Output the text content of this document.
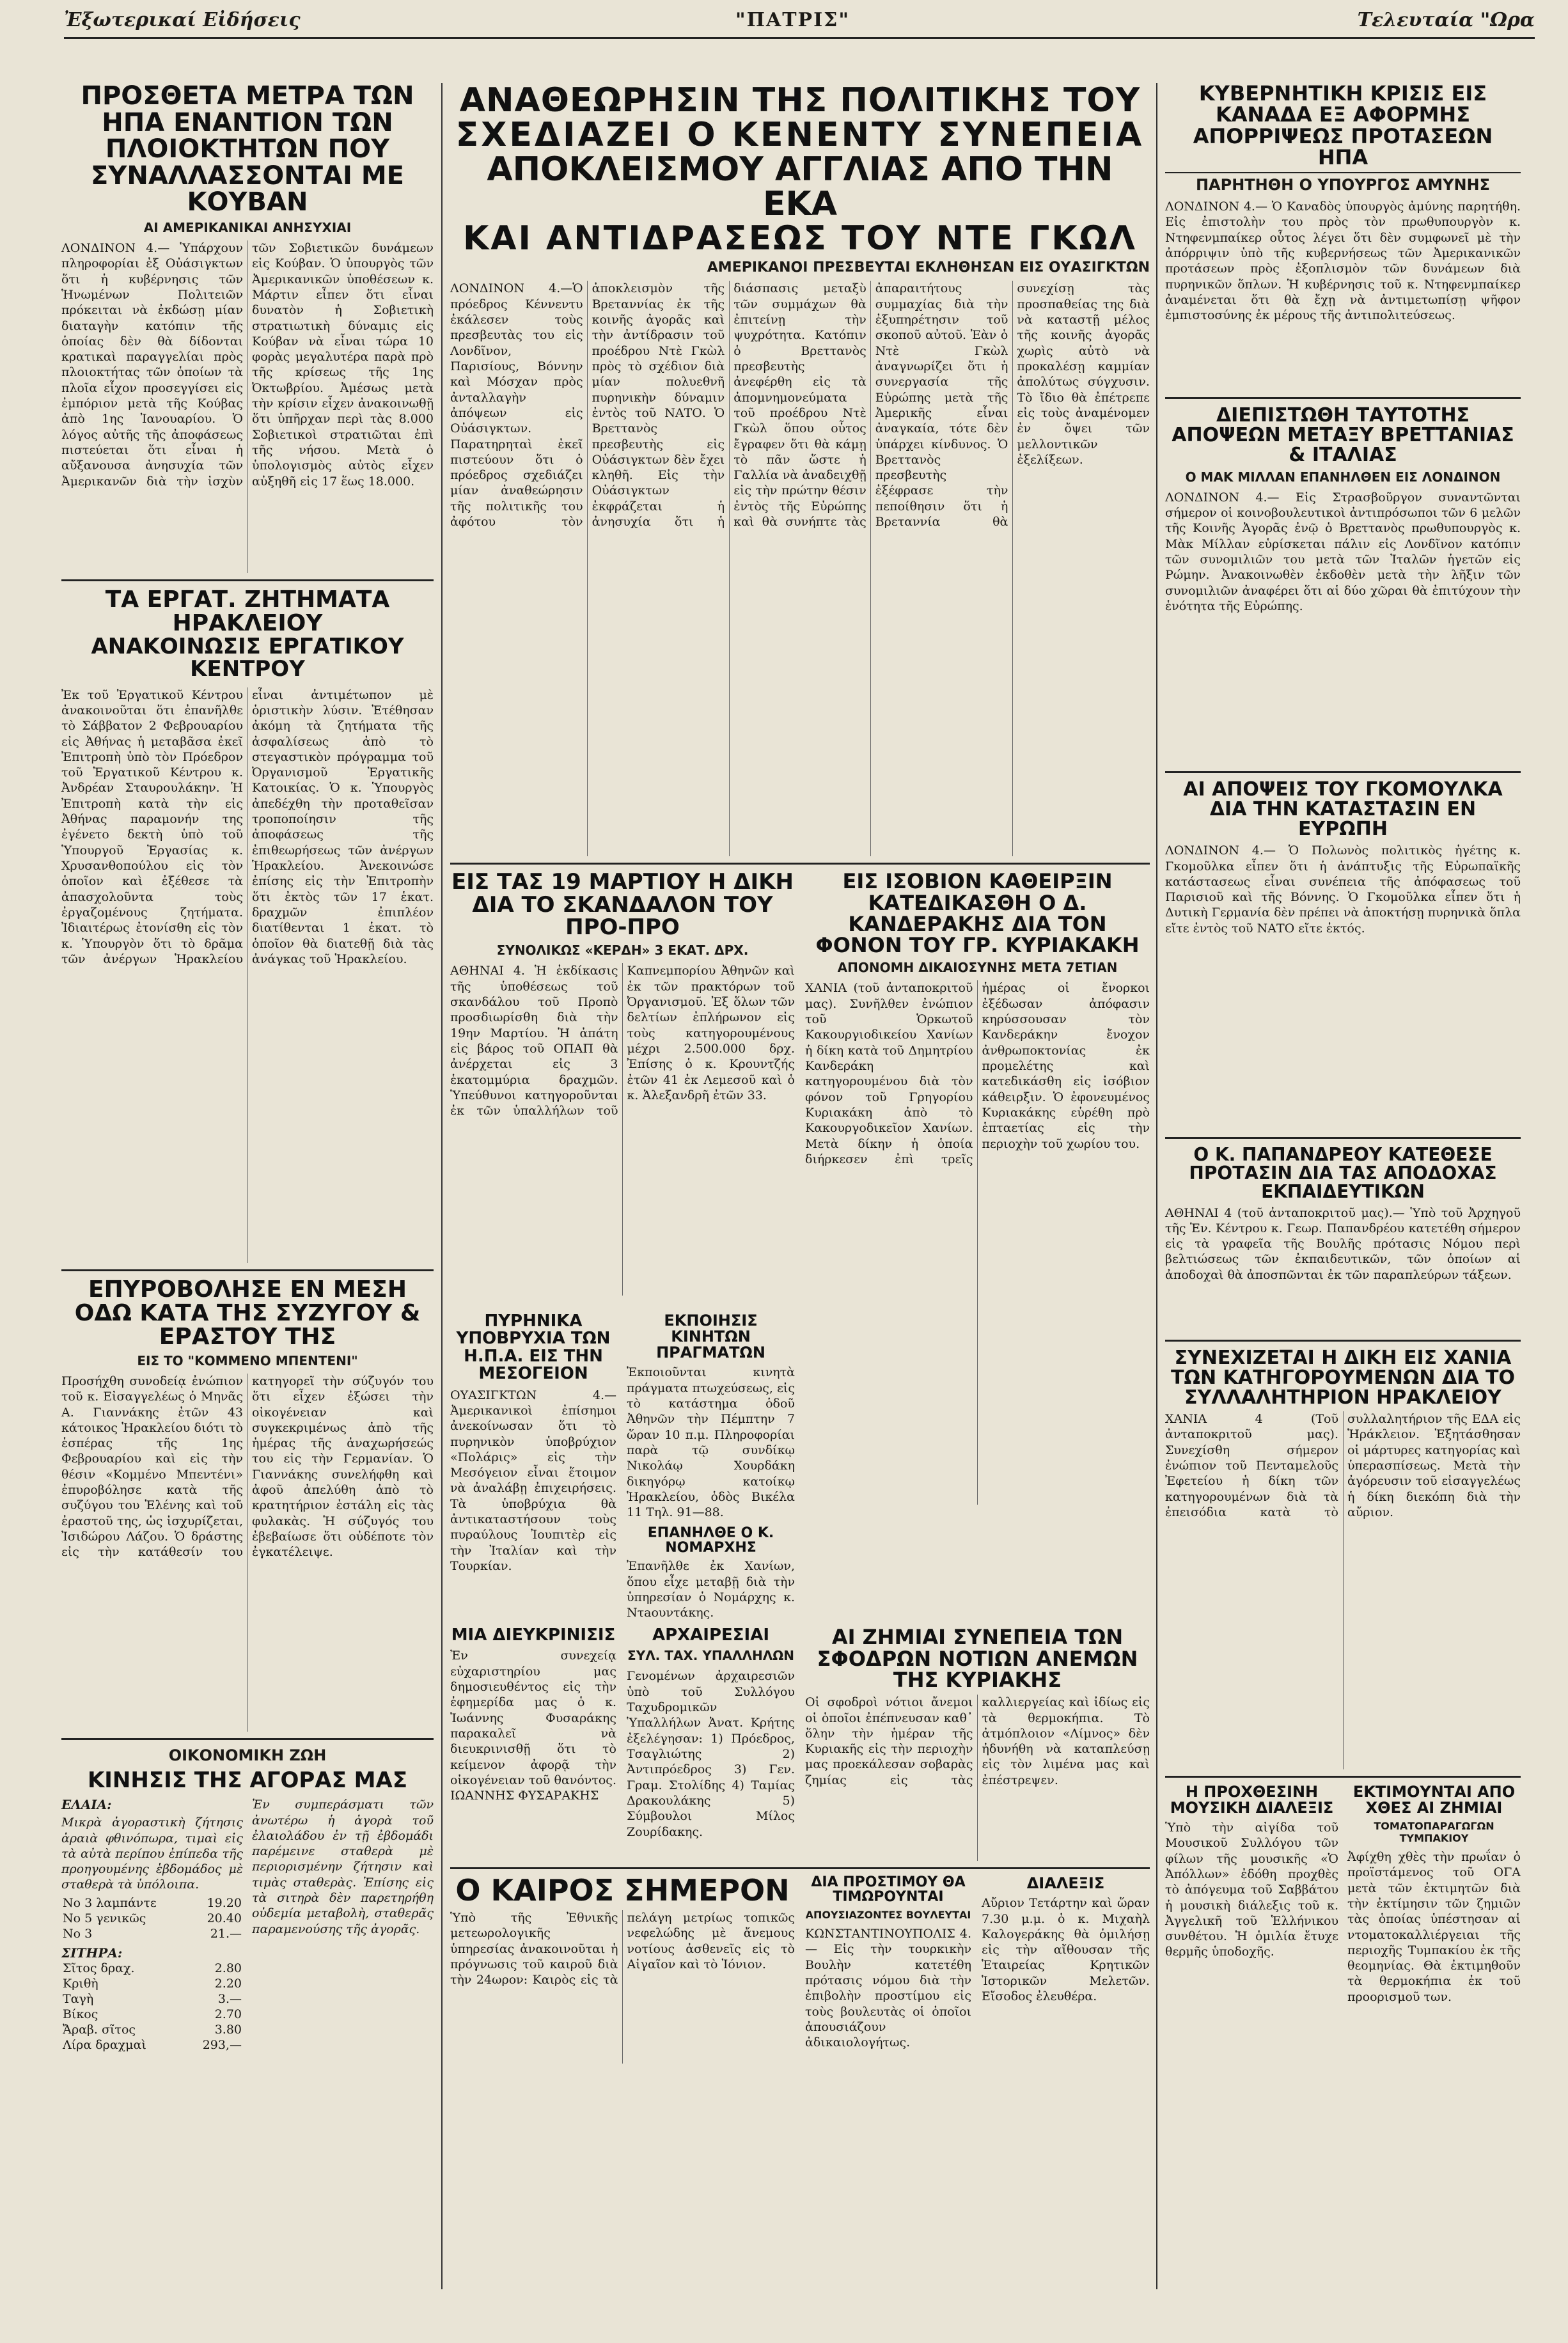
Ἐξωτερικαί Εἰδήσεις	"ΠΑΤΡΙΣ"	Τελευταία "Ωρα
ΠΡΟΣΘΕΤΑ ΜΕΤΡΑ ΤΩΝ ΗΠΑ ΕΝΑΝΤΙΟΝ ΤΩΝ ΠΛΟΙΟΚΤΗΤΩΝ ΠΟΥ ΣΥΝΑΛΛΑΣΣΟΝΤΑΙ ΜΕ ΚΟΥΒΑΝ
ΑΙ ΑΜΕΡΙΚΑΝΙΚΑΙ ΑΝΗΣΥΧΙΑΙ

ΛΟΝΔΙΝΟΝ 4.— Ὑπάρχουν πληροφορίαι ἐξ Οὐάσιγκτων ὅτι ἡ κυβέρνησις τῶν Ἡνωμένων Πολιτειῶν πρόκειται νὰ ἐκδώσῃ μίαν διαταγὴν κατόπιν τῆς ὁποίας δὲν θὰ δίδονται κρατικαὶ παραγγελίαι πρὸς πλοιοκτήτας τῶν ὁποίων τὰ πλοῖα εἶχον προσεγγίσει εἰς ἐμπόριον μετὰ τῆς Κούβας ἀπὸ 1ης Ἰανουαρίου. Ὁ λόγος αὐτῆς τῆς ἀποφάσεως πιστεύεται ὅτι εἶναι ἡ αὔξανουσα ἀνησυχία τῶν Ἀμερικανῶν διὰ τὴν ἰσχὺν τῶν Σοβιετικῶν δυνάμεων εἰς Κούβαν. Ὁ ὑπουργὸς τῶν Ἀμερικανικῶν ὑποθέσεων κ. Μάρτιν εἶπεν ὅτι εἶναι δυνατὸν ἡ Σοβιετικὴ στρατιωτικὴ δύναμις εἰς Κούβαν νὰ εἶναι τώρα 10 φορὰς μεγαλυτέρα παρὰ πρὸ τῆς κρίσεως τῆς 1ης Ὀκτωβρίου. Ἀμέσως μετὰ τὴν κρίσιν εἶχεν ἀνακοινωθῇ ὅτι ὑπῆρχαν περὶ τὰς 8.000 Σοβιετικοὶ στρατιῶται ἐπὶ τῆς νήσου. Μετὰ ὁ ὑπολογισμὸς αὐτὸς εἶχεν αὐξηθῆ εἰς 17 ἕως 18.000.

ΤΑ ΕΡΓΑΤ. ΖΗΤΗΜΑΤΑ ΗΡΑΚΛΕΙΟΥ
ΑΝΑΚΟΙΝΩΣΙΣ ΕΡΓΑΤΙΚΟΥ ΚΕΝΤΡΟΥ

Ἐκ τοῦ Ἐργατικοῦ Κέντρου ἀνακοινοῦται ὅτι ἐπανῆλθε τὸ Σάββατον 2 Φεβρουαρίου εἰς Ἀθήνας ἡ μεταβᾶσα ἐκεῖ Ἐπιτροπὴ ὑπὸ τὸν Πρόεδρον τοῦ Ἐργατικοῦ Κέντρου κ. Ἀνδρέαν Σταυρουλάκην. Ἡ Ἐπιτροπὴ κατὰ τὴν εἰς Ἀθήνας παραμονήν της ἐγένετο δεκτὴ ὑπὸ τοῦ Ὑπουργοῦ Ἐργασίας κ. Χρυσανθοπούλου εἰς τὸν ὁποῖον καὶ ἐξέθεσε τὰ ἀπασχολοῦντα τοὺς ἐργαζομένους ζητήματα. Ἰδιαιτέρως ἐτονίσθη εἰς τὸν κ. Ὑπουργὸν ὅτι τὸ δρᾶμα τῶν ἀνέργων Ἡρακλείου εἶναι ἀντιμέτωπον μὲ ὁριστικὴν λύσιν. Ἐτέθησαν ἀκόμη τὰ ζητήματα τῆς ἀσφαλίσεως ἀπὸ τὸ στεγαστικὸν πρόγραμμα τοῦ Ὀργανισμοῦ Ἐργατικῆς Κατοικίας. Ὁ κ. Ὑπουργὸς ἀπεδέχθη τὴν προταθεῖσαν τροποποίησιν τῆς ἀποφάσεως τῆς ἐπιθεωρήσεως τῶν ἀνέργων Ἡρακλείου. Ἀνεκοινώσε ἐπίσης εἰς τὴν Ἐπιτροπὴν ὅτι ἐκτὸς τῶν 17 ἑκατ. δραχμῶν ἐπιπλέον διατίθενται 1 ἑκατ. τὸ ὁποῖον θὰ διατεθῇ διὰ τὰς ἀνάγκας τοῦ Ἡρακλείου.

ΕΠΥΡΟΒΟΛΗΣΕ ΕΝ ΜΕΣΗ ΟΔΩ ΚΑΤΑ ΤΗΣ ΣΥΖΥΓΟΥ & ΕΡΑΣΤΟΥ ΤΗΣ
ΕΙΣ ΤΟ "ΚΟΜΜΕΝΟ ΜΠΕΝΤΕΝΙ"

Προσήχθη συνοδείᾳ ἐνώπιον τοῦ κ. Εἰσαγγελέως ὁ Μηνᾶς Α. Γιαννάκης ἐτῶν 43 κάτοικος Ἡρακλείου διότι τὸ ἑσπέρας τῆς 1ης Φεβρουαρίου καὶ εἰς τὴν θέσιν «Κομμένο Μπεντένι» ἐπυροβόλησε κατὰ τῆς συζύγου του Ἑλένης καὶ τοῦ ἐραστοῦ της, ὡς ἰσχυρίζεται, Ἰσιδώρου Λάζου. Ὁ δράστης εἰς τὴν κατάθεσίν του κατηγορεῖ τὴν σύζυγόν του ὅτι εἶχεν ἐξώσει τὴν οἰκογένειαν καὶ συγκεκριμένως ἀπὸ τῆς ἡμέρας τῆς ἀναχωρήσεώς του εἰς τὴν Γερμανίαν. Ὁ Γιαννάκης συνελήφθη καὶ ἀφοῦ ἀπελύθη ἀπὸ τὸ κρατητήριον ἐστάλη εἰς τὰς φυλακὰς. Ἡ σύζυγός του ἐβεβαίωσε ὅτι οὐδέποτε τὸν ἐγκατέλειψε.

ΟΙΚΟΝΟΜΙΚΗ ΖΩΗ
ΚΙΝΗΣΙΣ ΤΗΣ ΑΓΟΡΑΣ ΜΑΣ
ΕΛΑΙΑ:

Μικρὰ ἀγοραστικὴ ζήτησις ἀραιὰ φθινόπωρα, τιμαὶ εἰς τὰ αὐτὰ περίπου ἐπίπεδα τῆς προηγουμένης ἑβδομάδος μὲ σταθερὰ τὰ ὑπόλοιπα.

Νο 3 λαμπάντε	19.20
Νο 5 γενικῶς	20.40
Νο 3	21.—
ΣΙΤΗΡΑ:
Σῖτος δραχ.	2.80
Κριθὴ	2.20
Ταγὴ	3.—
Βίκος	2.70
Ἄραβ. σῖτος	3.80
Λίρα δραχμαὶ	293,—

Ἐν συμπεράσματι τῶν ἀνωτέρω ἡ ἀγορὰ τοῦ ἐλαιολάδου ἐν τῇ ἐβδομάδι παρέμεινε σταθερὰ μὲ περιορισμένην ζήτησιν καὶ τιμὰς σταθερὰς. Ἐπίσης εἰς τὰ σιτηρὰ δὲν παρετηρήθη οὐδεμία μεταβολὴ, σταθερᾶς παραμενούσης τῆς ἀγορᾶς.

ΑΝΑΘΕΩΡΗΣΙΝ ΤΗΣ ΠΟΛΙΤΙΚΗΣ ΤΟΥ
ΣΧΕΔΙΑΖΕΙ Ο ΚΕΝΕΝΤΥ ΣΥΝΕΠΕΙΑ
ΑΠΟΚΛΕΙΣΜΟΥ ΑΓΓΛΙΑΣ ΑΠΟ ΤΗΝ ΕΚΑ
ΚΑΙ ΑΝΤΙΔΡΑΣΕΩΣ ΤΟΥ ΝΤΕ ΓΚΩΛ
ΑΜΕΡΙΚΑΝΟΙ ΠΡΕΣΒΕΥΤΑΙ ΕΚΛΗΘΗΣΑΝ ΕΙΣ ΟΥΑΣΙΓΚΤΩΝ

ΛΟΝΔΙΝΟΝ 4.—Ὁ πρόεδρος Κέννεντυ ἐκάλεσεν τοὺς πρεσβευτὰς του εἰς Λονδῖνον, Παρισίους, Βόννην καὶ Μόσχαν πρὸς ἀνταλλαγὴν ἀπόψεων εἰς Οὐάσιγκτων. Παρατηρηταὶ ἐκεῖ πιστεύουν ὅτι ὁ πρόεδρος σχεδιάζει μίαν ἀναθεώρησιν τῆς πολιτικῆς του ἀφότου τὸν ἀποκλεισμὸν τῆς Βρεταννίας ἐκ τῆς κοινῆς ἀγορᾶς καὶ τὴν ἀντίδρασιν τοῦ προέδρου Ντὲ Γκὼλ πρὸς τὸ σχέδιον διὰ μίαν πολυεθνῆ πυρηνικὴν δύναμιν ἐντὸς τοῦ ΝΑΤΟ. Ὁ Βρεττανὸς πρεσβευτὴς εἰς Οὐάσιγκτων δὲν ἔχει κληθῆ. Εἰς τὴν Οὐάσιγκτων ἐκφράζεται ἡ ἀνησυχία ὅτι ἡ διάσπασις μεταξὺ τῶν συμμάχων θὰ ἐπιτείνῃ τὴν ψυχρότητα. Κατόπιν ὁ Βρεττανὸς πρεσβευτὴς ἀνεφέρθη εἰς τὰ ἀπομνημονεύματα τοῦ προέδρου Ντὲ Γκὼλ ὅπου οὗτος ἔγραφεν ὅτι θὰ κάμῃ τὸ πᾶν ὥστε ἡ Γαλλία νὰ ἀναδειχθῇ εἰς τὴν πρώτην θέσιν ἐντὸς τῆς Εὐρώπης καὶ θὰ συνήπτε τὰς ἀπαραιτήτους συμμαχίας διὰ τὴν ἐξυπηρέτησιν τοῦ σκοποῦ αὐτοῦ. Ἐὰν ὁ Ντὲ Γκὼλ ἀναγνωρίζει ὅτι ἡ συνεργασία τῆς Εὐρώπης μετὰ τῆς Ἀμερικῆς εἶναι ἀναγκαία, τότε δὲν ὑπάρχει κίνδυνος. Ὁ Βρεττανὸς πρεσβευτὴς ἐξέφρασε τὴν πεποίθησιν ὅτι ἡ Βρεταννία θὰ συνεχίσῃ τὰς προσπαθείας της διὰ νὰ καταστῇ μέλος τῆς κοινῆς ἀγορᾶς χωρὶς αὐτὸ νὰ προκαλέσῃ καμμίαν ἀπολύτως σύγχυσιν. Τὸ ἴδιο θὰ ἐπέτρεπε εἰς τοὺς ἀναμένομεν ἐν ὄψει τῶν μελλοντικῶν ἐξελίξεων.

ΕΙΣ ΤΑΣ 19 ΜΑΡΤΙΟΥ Η ΔΙΚΗ ΔΙΑ ΤΟ ΣΚΑΝΔΑΛΟΝ ΤΟΥ ΠΡΟ-ΠΡΟ
ΣΥΝΟΛΙΚΩΣ «ΚΕΡΔΗ» 3 ΕΚΑΤ. ΔΡΧ.

ΑΘΗΝΑΙ 4. Ἡ ἐκδίκασις τῆς ὑποθέσεως τοῦ σκανδάλου τοῦ Προπὸ προσδιωρίσθη διὰ τὴν 19ην Μαρτίου. Ἡ ἀπάτη εἰς βάρος τοῦ ΟΠΑΠ θὰ ἀνέρχεται εἰς 3 ἑκατομμύρια δραχμῶν. Ὑπεύθυνοι κατηγοροῦνται ἐκ τῶν ὑπαλλήλων τοῦ Καπνεμπορίου Ἀθηνῶν καὶ ἐκ τῶν πρακτόρων τοῦ Ὀργανισμοῦ. Ἐξ ὅλων τῶν δελτίων ἐπλήρωνον εἰς τοὺς κατηγορουμένους μέχρι 2.500.000 δρχ. Ἐπίσης ὁ κ. Κρουντζής ἐτῶν 41 ἐκ Λεμεσοῦ καὶ ὁ κ. Ἀλεξανδρῆ ἐτῶν 33.

ΕΙΣ ΙΣΟΒΙΟΝ ΚΑΘΕΙΡΞΙΝ ΚΑΤΕΔΙΚΑΣΘΗ Ο Δ. ΚΑΝΔΕΡΑΚΗΣ ΔΙΑ ΤΟΝ ΦΟΝΟΝ ΤΟΥ ΓΡ. ΚΥΡΙΑΚΑΚΗ
ΑΠΟΝΟΜΗ ΔΙΚΑΙΟΣΥΝΗΣ ΜΕΤΑ 7ΕΤΙΑΝ

ΧΑΝΙΑ (τοῦ ἀνταποκριτοῦ μας). Συνῆλθεν ἐνώπιον τοῦ Ὁρκωτοῦ Κακουργιοδικείου Χανίων ἡ δίκη κατὰ τοῦ Δημητρίου Κανδεράκη κατηγορουμένου διὰ τὸν φόνον τοῦ Γρηγορίου Κυριακάκη ἀπὸ τὸ Κακουργοδικεῖον Χανίων. Μετὰ δίκην ἡ ὁποία διήρκεσεν ἐπὶ τρεῖς ἡμέρας οἱ ἔνορκοι ἐξέδωσαν ἀπόφασιν κηρύσσουσαν τὸν Κανδεράκην ἔνοχον ἀνθρωποκτονίας ἐκ προμελέτης καὶ κατεδικάσθη εἰς ἰσόβιον κάθειρξιν. Ὁ ἐφονευμένος Κυριακάκης εὑρέθη πρὸ ἑπταετίας εἰς τὴν περιοχὴν τοῦ χωρίου του.

ΠΥΡΗΝΙΚΑ ΥΠΟΒΡΥΧΙΑ ΤΩΝ Η.Π.Α. ΕΙΣ ΤΗΝ ΜΕΣΟΓΕΙΟΝ

ΟΥΑΣΙΓΚΤΩΝ 4.— Ἀμερικανικοὶ ἐπίσημοι ἀνεκοίνωσαν ὅτι τὸ πυρηνικὸν ὑποβρύχιον «Πολάρις» εἰς τὴν Μεσόγειον εἶναι ἕτοιμον νὰ ἀναλάβῃ ἐπιχειρήσεις. Τὰ ὑποβρύχια θὰ ἀντικαταστήσουν τοὺς πυραύλους Ἰουπιτὲρ εἰς τὴν Ἰταλίαν καὶ τὴν Τουρκίαν.

ΕΚΠΟΙΗΣΙΣ ΚΙΝΗΤΩΝ ΠΡΑΓΜΑΤΩΝ

Ἐκποιοῦνται κινητὰ πράγματα πτωχεύσεως, εἰς τὸ κατάστημα ὁδοῦ Ἀθηνῶν τὴν Πέμπτην 7 ὥραν 10 π.μ. Πληροφορίαι παρὰ τῷ συνδίκῳ Νικολάῳ Χουρδάκη δικηγόρῳ κατοίκῳ Ἡρακλείου, ὁδὸς Βικέλα 11 Τηλ. 91—88.

ΕΠΑΝΗΛΘΕ Ο Κ. ΝΟΜΑΡΧΗΣ

Ἐπανῆλθε ἐκ Χανίων, ὅπου εἶχε μεταβῇ διὰ τὴν ὑπηρεσίαν ὁ Νομάρχης κ. Ντaουντάκης.

ΜΙΑ ΔΙΕΥΚΡΙΝΙΣΙΣ

Ἐν συνεχείᾳ εὐχαριστηρίου μας δημοσιευθέντος εἰς τὴν ἐφημερίδα μας ὁ κ. Ἰωάννης Φυσαράκης παρακαλεῖ νὰ διευκρινισθῇ ὅτι τὸ κείμενον ἀφορᾷ τὴν οἰκογένειαν τοῦ θανόντος. ΙΩΑΝΝΗΣ ΦΥΣΑΡΑΚΗΣ

ΑΡΧΑΙΡΕΣΙΑΙ
ΣΥΛ. ΤΑΧ. ΥΠΑΛΛΗΛΩΝ

Γενομένων ἀρχαιρεσιῶν ὑπὸ τοῦ Συλλόγου Ταχυδρομικῶν Ὑπαλλήλων Ἀνατ. Κρήτης ἐξελέγησαν: 1) Πρόεδρος, Τσαγλιώτης 2) Ἀντιπρόεδρος 3) Γεν. Γραμ. Στολίδης 4) Ταμίας Δρακουλάκης 5) Σύμβουλοι Μίλος Ζουρίδακης.

ΑΙ ΖΗΜΙΑΙ ΣΥΝΕΠΕΙΑ ΤΩΝ ΣΦΟΔΡΩΝ ΝΟΤΙΩΝ ΑΝΕΜΩΝ ΤΗΣ ΚΥΡΙΑΚΗΣ

Οἱ σφοδροὶ νότιοι ἄνεμοι οἱ ὁποῖοι ἐπέπνευσαν καθ᾽ ὅλην τὴν ἡμέραν τῆς Κυριακῆς εἰς τὴν περιοχὴν μας προεκάλεσαν σοβαρὰς ζημίας εἰς τὰς καλλιεργείας καὶ ἰδίως εἰς τὰ θερμοκήπια. Τὸ ἀτμόπλοιον «Λίμνος» δὲν ἠδυνήθη νὰ καταπλεύσῃ εἰς τὸν λιμένα μας καὶ ἐπέστρεψεν.

Ο ΚΑΙΡΟΣ ΣΗΜΕΡΟΝ

Ὑπὸ τῆς Ἐθνικῆς μετεωρολογικῆς ὑπηρεσίας ἀνακοινοῦται ἡ πρόγνωσις τοῦ καιροῦ διὰ τὴν 24ωρον: Καιρὸς εἰς τὰ πελάγη μετρίως τοπικῶς νεφελώδης μὲ ἄνεμους νοτίους ἀσθενεῖς εἰς τὸ Αἰγαῖον καὶ τὸ Ἰόνιον.

ΔΙΑ ΠΡΟΣΤΙΜΟΥ ΘΑ ΤΙΜΩΡΟΥΝΤΑΙ
ΑΠΟΥΣΙΑΖΟΝΤΕΣ ΒΟΥΛΕΥΤΑΙ

ΚΩΝΣΤΑΝΤΙΝΟΥΠΟΛΙΣ 4.— Εἰς τὴν τουρκικὴν Βουλὴν κατετέθη πρότασις νόμου διὰ τὴν ἐπιβολὴν προστίμου εἰς τοὺς βουλευτὰς οἱ ὁποῖοι ἀπουσιάζουν ἀδικαιολογήτως.

ΔΙΑΛΕΞΙΣ

Αὔριον Τετάρτην καὶ ὥραν 7.30 μ.μ. ὁ κ. Μιχαὴλ Καλογεράκης θὰ ὁμιλήσῃ εἰς τὴν αἴθουσαν τῆς Ἑταιρείας Κρητικῶν Ἱστορικῶν Μελετῶν. Εἴσοδος ἐλευθέρα.

ΚΥΒΕΡΝΗΤΙΚΗ ΚΡΙΣΙΣ ΕΙΣ ΚΑΝΑΔΑ ΕΞ ΑΦΟΡΜΗΣ ΑΠΟΡΡΙΨΕΩΣ ΠΡΟΤΑΣΕΩΝ ΗΠΑ
ΠΑΡΗΤΗΘΗ Ο ΥΠΟΥΡΓΟΣ ΑΜΥΝΗΣ

ΛΟΝΔΙΝΟΝ 4.— Ὁ Καναδὸς ὑπουργὸς ἀμύνης παρητήθη. Εἰς ἐπιστολὴν του πρὸς τὸν πρωθυπουργὸν κ. Ντηφενμπαίκερ οὗτος λέγει ὅτι δὲν συμφωνεῖ μὲ τὴν ἀπόρριψιν ὑπὸ τῆς κυβερνήσεως τῶν Ἀμερικανικῶν προτάσεων πρὸς ἐξοπλισμὸν τῶν δυνάμεων διὰ πυρηνικῶν ὅπλων. Ἡ κυβέρνησις τοῦ κ. Ντηφενμπαίκερ ἀναμένεται ὅτι θὰ ἔχῃ νὰ ἀντιμετωπίσῃ ψῆφον ἐμπιστοσύνης ἐκ μέρους τῆς ἀντιπολιτεύσεως.

ΔΙΕΠΙΣΤΩΘΗ ΤΑΥΤΟΤΗΣ ΑΠΟΨΕΩΝ ΜΕΤΑΞΥ ΒΡΕΤΤΑΝΙΑΣ & ΙΤΑΛΙΑΣ
Ο ΜΑΚ ΜΙΛΛΑΝ ΕΠΑΝΗΛΘΕΝ ΕΙΣ ΛΟΝΔΙΝΟΝ

ΛΟΝΔΙΝΟΝ 4.— Εἰς Στρασβοῦργον συναντῶνται σήμερον οἱ κοινοβουλευτικοὶ ἀντιπρόσωποι τῶν 6 μελῶν τῆς Κοινῆς Ἀγορᾶς ἐνῷ ὁ Βρεττανὸς πρωθυπουργὸς κ. Μὰκ Μίλλαν εὑρίσκεται πάλιν εἰς Λονδῖνον κατόπιν τῶν συνομιλιῶν του μετὰ τῶν Ἰταλῶν ἡγετῶν εἰς Ρώμην. Ἀνακοινωθὲν ἐκδοθὲν μετὰ τὴν λῆξιν τῶν συνομιλιῶν ἀναφέρει ὅτι αἱ δύο χῶραι θὰ ἐπιτύχουν τὴν ἑνότητα τῆς Εὐρώπης.

ΑΙ ΑΠΟΨΕΙΣ ΤΟΥ ΓΚΟΜΟΥΛΚΑ ΔΙΑ ΤΗΝ ΚΑΤΑΣΤΑΣΙΝ ΕΝ ΕΥΡΩΠΗ

ΛΟΝΔΙΝΟΝ 4.— Ὁ Πολωνὸς πολιτικὸς ἡγέτης κ. Γκομοῦλκα εἶπεν ὅτι ἡ ἀνάπτυξις τῆς Εὐρωπαϊκῆς κατάστασεως εἶναι συνέπεια τῆς ἀπόφασεως τοῦ Παρισιοῦ καὶ τῆς Βόννης. Ὁ Γκομοῦλκα εἶπεν ὅτι ἡ Δυτικὴ Γερμανία δὲν πρέπει νὰ ἀποκτήσῃ πυρηνικὰ ὅπλα εἴτε ἐντὸς τοῦ ΝΑΤΟ εἴτε ἐκτός.

Ο Κ. ΠΑΠΑΝΔΡΕΟΥ ΚΑΤΕΘΕΣΕ ΠΡΟΤΑΣΙΝ ΔΙΑ ΤΑΣ ΑΠΟΔΟΧΑΣ ΕΚΠΑΙΔΕΥΤΙΚΩΝ

ΑΘΗΝΑΙ 4 (τοῦ ἀνταποκριτοῦ μας).— Ὑπὸ τοῦ Ἀρχηγοῦ τῆς Ἑν. Κέντρου κ. Γεωρ. Παπανδρέου κατετέθη σήμερον εἰς τὰ γραφεῖα τῆς Βουλῆς πρότασις Νόμου περὶ βελτιώσεως τῶν ἐκπαιδευτικῶν, τῶν ὁποίων αἱ ἀποδοχαὶ θὰ ἀποσπῶνται ἐκ τῶν παραπλεύρων τάξεων.

ΣΥΝΕΧΙΖΕΤΑΙ Η ΔΙΚΗ ΕΙΣ ΧΑΝΙΑ ΤΩΝ ΚΑΤΗΓΟΡΟΥΜΕΝΩΝ ΔΙΑ ΤΟ ΣΥΛΛΑΛΗΤΗΡΙΟΝ ΗΡΑΚΛΕΙΟΥ

ΧΑΝΙΑ 4 (Τοῦ ἀνταποκριτοῦ μας). Συνεχίσθη σήμερον ἐνώπιον τοῦ Πενταμελοῦς Ἐφετείου ἡ δίκη τῶν κατηγορουμένων διὰ τὰ ἐπεισόδια κατὰ τὸ συλλαλητήριον τῆς ΕΔΑ εἰς Ἡράκλειον. Ἐξητάσθησαν οἱ μάρτυρες κατηγορίας καὶ ὑπερασπίσεως. Μετὰ τὴν ἀγόρευσιν τοῦ εἰσαγγελέως ἡ δίκη διεκόπη διὰ τὴν αὔριον.

Η ΠΡΟΧΘΕΣΙΝΗ ΜΟΥΣΙΚΗ ΔΙΑΛΕΞΙΣ

Ὑπὸ τὴν αἰγίδα τοῦ Μουσικοῦ Συλλόγου τῶν φίλων τῆς μουσικῆς «Ὁ Ἀπόλλων» ἐδόθη προχθὲς τὸ ἀπόγευμα τοῦ Σαββάτου ἡ μουσικὴ διάλεξις τοῦ κ. Ἀγγελικῆ τοῦ Ἑλλήνικου συνθέτου. Ἡ ὁμιλία ἔτυχε θερμῆς ὑποδοχῆς.

ΕΚΤΙΜΟΥΝΤΑΙ ΑΠΟ ΧΘΕΣ ΑΙ ΖΗΜΙΑΙ
ΤΟΜΑΤΟΠΑΡΑΓΩΓΩΝ ΤΥΜΠΑΚΙΟΥ

Ἀφίχθη χθὲς τὴν πρωΐαν ὁ προϊστάμενος τοῦ ΟΓΑ μετὰ τῶν ἐκτιμητῶν διὰ τὴν ἐκτίμησιν τῶν ζημιῶν τὰς ὁποίας ὑπέστησαν αἱ ντοματοκαλλιέργειαι τῆς περιοχῆς Τυμπακίου ἐκ τῆς θεομηνίας. Θὰ ἐκτιμηθοῦν τὰ θερμοκήπια ἐκ τοῦ προορισμοῦ των.
